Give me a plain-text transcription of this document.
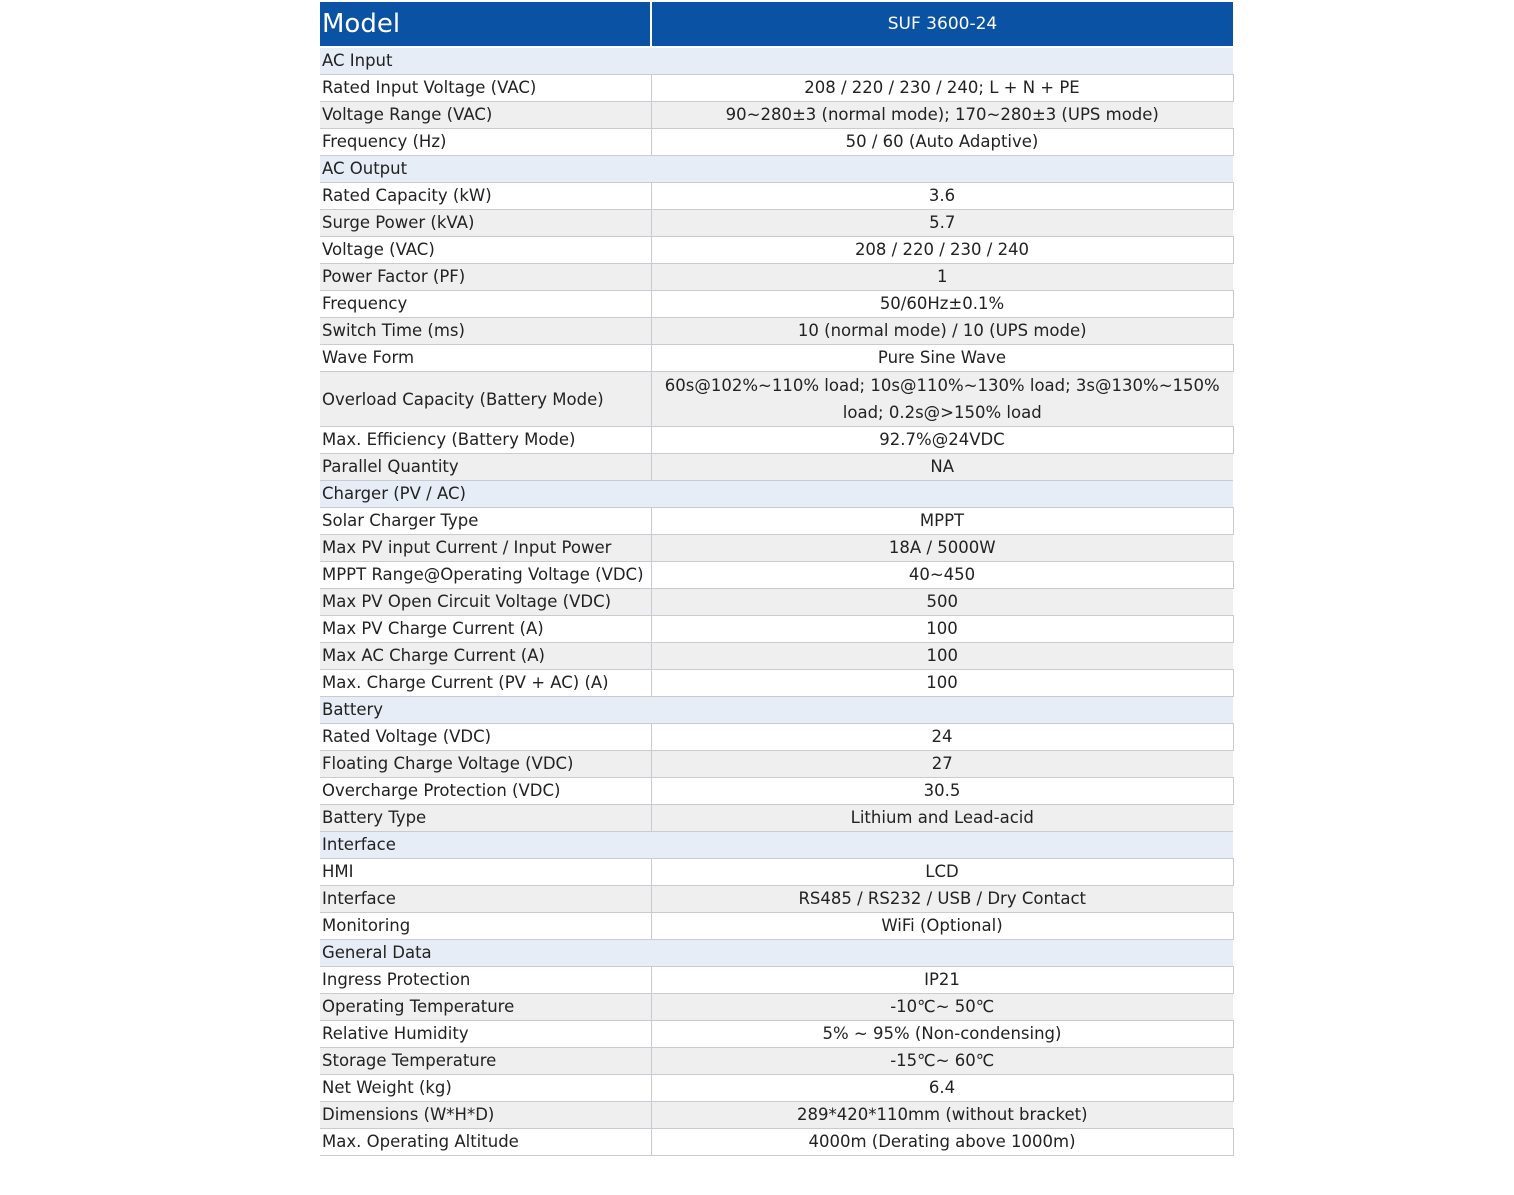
Model	SUF 3600-24
AC Input	
Rated Input Voltage (VAC)	208 / 220 / 230 / 240; L + N + PE
Voltage Range (VAC)	90~280±3 (normal mode); 170~280±3 (UPS mode)
Frequency (Hz)	50 / 60 (Auto Adaptive)
AC Output	
Rated Capacity (kW)	3.6
Surge Power (kVA)	5.7
Voltage (VAC)	208 / 220 / 230 / 240
Power Factor (PF)	1
Frequency	50/60Hz±0.1%
Switch Time (ms)	10 (normal mode) / 10 (UPS mode)
Wave Form	Pure Sine Wave
Overload Capacity (Battery Mode)	60s@102%~110% load; 10s@110%~130% load; 3s@130%~150% load; 0.2s@>150% load
Max. Efficiency (Battery Mode)	92.7%@24VDC
Parallel Quantity	NA
Charger (PV / AC)	
Solar Charger Type	MPPT
Max PV input Current / Input Power	18A / 5000W
MPPT Range@Operating Voltage (VDC)	40~450
Max PV Open Circuit Voltage (VDC)	500
Max PV Charge Current (A)	100
Max AC Charge Current (A)	100
Max. Charge Current (PV + AC) (A)	100
Battery	
Rated Voltage (VDC)	24
Floating Charge Voltage (VDC)	27
Overcharge Protection (VDC)	30.5
Battery Type	Lithium and Lead-acid
Interface	
HMI	LCD
Interface	RS485 / RS232 / USB / Dry Contact
Monitoring	WiFi (Optional)
General Data	
Ingress Protection	IP21
Operating Temperature	-10℃~ 50℃
Relative Humidity	5% ~ 95% (Non-condensing)
Storage Temperature	-15℃~ 60℃
Net Weight (kg)	6.4
Dimensions (W*H*D)	289*420*110mm (without bracket)
Max. Operating Altitude	4000m (Derating above 1000m)
